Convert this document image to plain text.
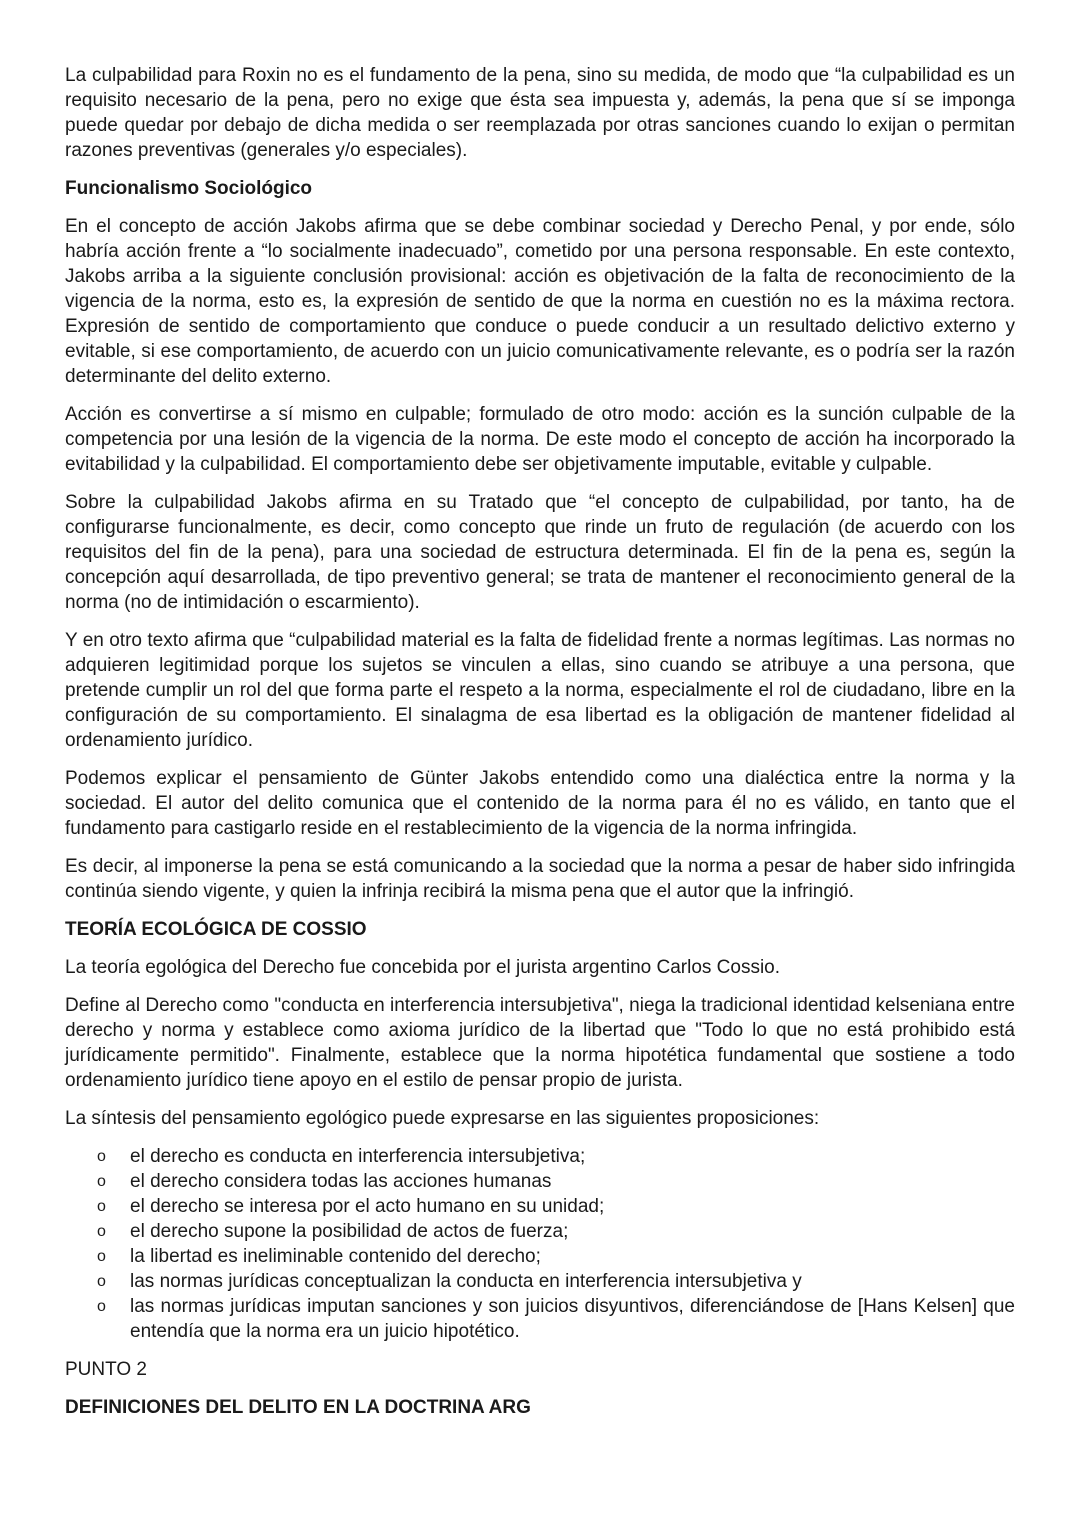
La culpabilidad para Roxin no es el fundamento de la pena, sino su medida, de modo que “la culpabilidad es un requisito necesario de la pena, pero no exige que ésta sea impuesta y, además, la pena que sí se imponga puede quedar por debajo de dicha medida o ser reemplazada por otras sanciones cuando lo exijan o permitan razones preventivas (generales y/o especiales).

Funcionalismo Sociológico

En el concepto de acción Jakobs afirma que se debe combinar sociedad y Derecho Penal, y por ende, sólo habría acción frente a “lo socialmente inadecuado”, cometido por una persona responsable. En este contexto, Jakobs arriba a la siguiente conclusión provisional: acción es objetivación de la falta de reconocimiento de la vigencia de la norma, esto es, la expresión de sentido de que la norma en cuestión no es la máxima rectora. Expresión de sentido de comportamiento que conduce o puede conducir a un resultado delictivo externo y evitable, si ese comportamiento, de acuerdo con un juicio comunicativamente relevante, es o podría ser la razón determinante del delito externo.

Acción es convertirse a sí mismo en culpable; formulado de otro modo: acción es la sunción culpable de la competencia por una lesión de la vigencia de la norma. De este modo el concepto de acción ha incorporado la evitabilidad y la culpabilidad. El comportamiento debe ser objetivamente imputable, evitable y culpable.

Sobre la culpabilidad Jakobs afirma en su Tratado que “el concepto de culpabilidad, por tanto, ha de configurarse funcionalmente, es decir, como concepto que rinde un fruto de regulación (de acuerdo con los requisitos del fin de la pena), para una sociedad de estructura determinada. El fin de la pena es, según la concepción aquí desarrollada, de tipo preventivo general; se trata de mantener el reconocimiento general de la norma (no de intimidación o escarmiento).

Y en otro texto afirma que “culpabilidad material es la falta de fidelidad frente a normas legítimas. Las normas no adquieren legitimidad porque los sujetos se vinculen a ellas, sino cuando se atribuye a una persona, que pretende cumplir un rol del que forma parte el respeto a la norma, especialmente el rol de ciudadano, libre en la configuración de su comportamiento. El sinalagma de esa libertad es la obligación de mantener fidelidad al ordenamiento jurídico.

Podemos explicar el pensamiento de Günter Jakobs entendido como una dialéctica entre la norma y la sociedad. El autor del delito comunica que el contenido de la norma para él no es válido, en tanto que el fundamento para castigarlo reside en el restablecimiento de la vigencia de la norma infringida.

Es decir, al imponerse la pena se está comunicando a la sociedad que la norma a pesar de haber sido infringida continúa siendo vigente, y quien la infrinja recibirá la misma pena que el autor que la infringió.

TEORÍA ECOLÓGICA DE COSSIO

La teoría egológica del Derecho fue concebida por el jurista argentino Carlos Cossio.

Define al Derecho como "conducta en interferencia intersubjetiva", niega la tradicional identidad kelseniana entre derecho y norma y establece como axioma jurídico de la libertad que "Todo lo que no está prohibido está jurídicamente permitido". Finalmente, establece que la norma hipotética fundamental que sostiene a todo ordenamiento jurídico tiene apoyo en el estilo de pensar propio de jurista.

La síntesis del pensamiento egológico puede expresarse en las siguientes proposiciones:

o el derecho es conducta en interferencia intersubjetiva;
o el derecho considera todas las acciones humanas
o el derecho se interesa por el acto humano en su unidad;
o el derecho supone la posibilidad de actos de fuerza;
o la libertad es ineliminable contenido del derecho;
o las normas jurídicas conceptualizan la conducta en interferencia intersubjetiva y
o las normas jurídicas imputan sanciones y son juicios disyuntivos, diferenciándose de [Hans Kelsen] que entendía que la norma era un juicio hipotético.

PUNTO 2

DEFINICIONES DEL DELITO EN LA DOCTRINA ARG
